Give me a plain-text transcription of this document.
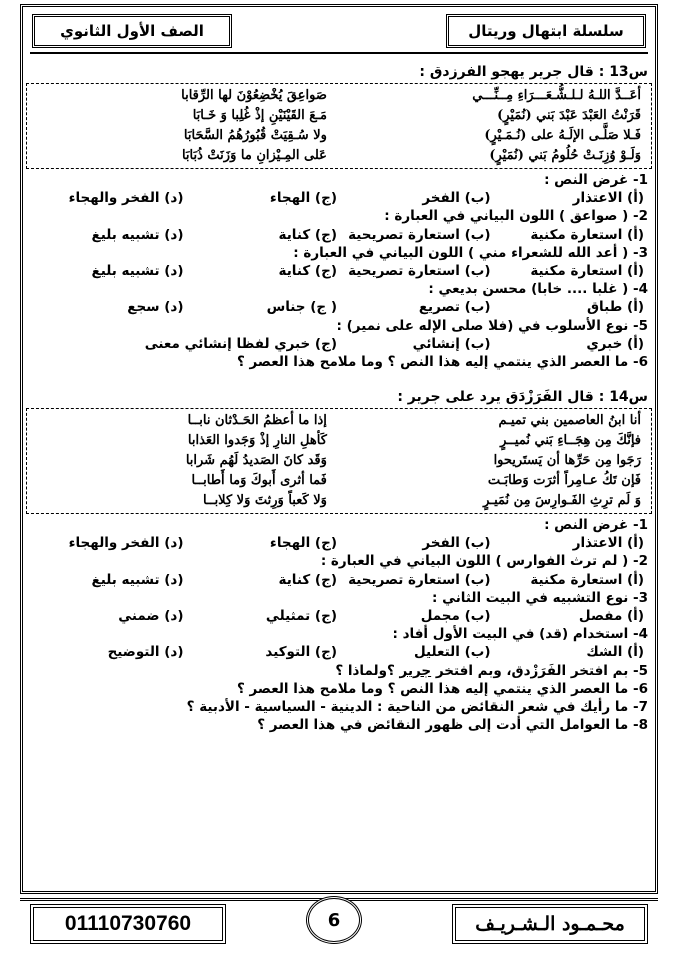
سلسلة ابتهال وريتال
الصف الأول الثانوي
س13 : قال جرير يهجو الفرزدق :
أعَــدَّ اللـهُ لـلـشُّـعَـــرَاءِ مِــنِّـــي
صَواعِقَ يُخْضِعُوْنَ لها الرِّقابا
قَرَنْتُ العَبْدَ عَبْدَ بَني (نُمَيْرٍ)
مَـعَ القَيْنَيْنِ إذْ غُلِبا وَ خَـابَا
فَـلا صَلَّـى الإلَـهُ على (نُـمَـيْرٍ)
ولا سُـقِيَتْ قُبُورُهُمُ السَّحَابَا
وَلَـوْ وُزِنَـتْ حُلُومُ بَني (نُمَيْرٍ)
عَلى المِـيْزانِ ما وَزَنَتْ ذُبَابَا
1- غرض النص :
(أ) الاعتذار
(ب) الفخر
(ج) الهجاء
(د) الفخر والهجاء
2- ( صواعق ) اللون البياني في العبارة :
(أ) استعارة مكنية
(ب) استعارة تصريحية
(ج) كناية
(د) تشبيه بليغ
3- ( أعد الله للشعراء مني ) اللون البياني في العبارة :
(أ) استعارة مكنية
(ب) استعارة تصريحية
(ج) كناية
(د) تشبيه بليغ
4- ( غلبا .... خابا) محسن بديعي :
(أ) طباق
(ب) تصريع
( ج) جناس
(د) سجع
5- نوع الأسلوب في (فلا صلى الإله على نمير) :
(أ) خبري
(ب) إنشائي
(ج) خبري لفظا إنشائي معنى
6- ما العصر الذي ينتمي إليه هذا النص ؟ وما ملامح هذا العصر ؟
س14 : قال الفَرَزْدَق يرد على جرير :
أنا ابنُ العاصمين بني تميـم
إذا ما أعظمُ الحَـدْثان نابــا
فإنَّكَ مِن هِجَــاءِ بَني نُميــرٍ
كَأهلِ النارِ إذْ وَجَدوا العَذابا
رَجَوا مِن حَرِّها أن يَستَريحوا
وَقَد كانَ الصَديدُ لَهُم شَرابا
فَإن تَكُ عـامِراً أثرَت وَطابَـت
فَما أثرى أَبوكَ وَما أَطابــا
وَ لَم ترِثِ الفَـوارِسَ مِن نُمَيـرٍ
وَلا كَعباً وَرِثتَ وَلا كِلابــا
1- غرض النص :
(أ) الاعتذار
(ب) الفخر
(ج) الهجاء
(د) الفخر والهجاء
2- ( لم ترث الفوارس ) اللون البياني في العبارة :
(أ) استعارة مكنية
(ب) استعارة تصريحية
(ج) كناية
(د) تشبيه بليغ
3- نوع التشبيه في البيت الثاني :
(أ) مفصل
(ب) مجمل
(ج) تمثيلي
(د) ضمني
4- استخدام (قد) في البيت الأول أفاد :
(أ) الشك
(ب) التعليل
(ج) التوكيد
(د) التوضيح
5- بم افتخر الفَرَزْدق، وبم افتخر جرير ؟ولماذا ؟
6- ما العصر الذي ينتمي إليه هذا النص ؟ وما ملامح هذا العصر ؟
7- ما رأيك في شعر النقائض من الناحية : الدينية - السياسية - الأدبية ؟
8- ما العوامل التي أدت إلى ظهور النقائض في هذا العصر ؟
محـمـود الـشـريـف
6
01110730760
